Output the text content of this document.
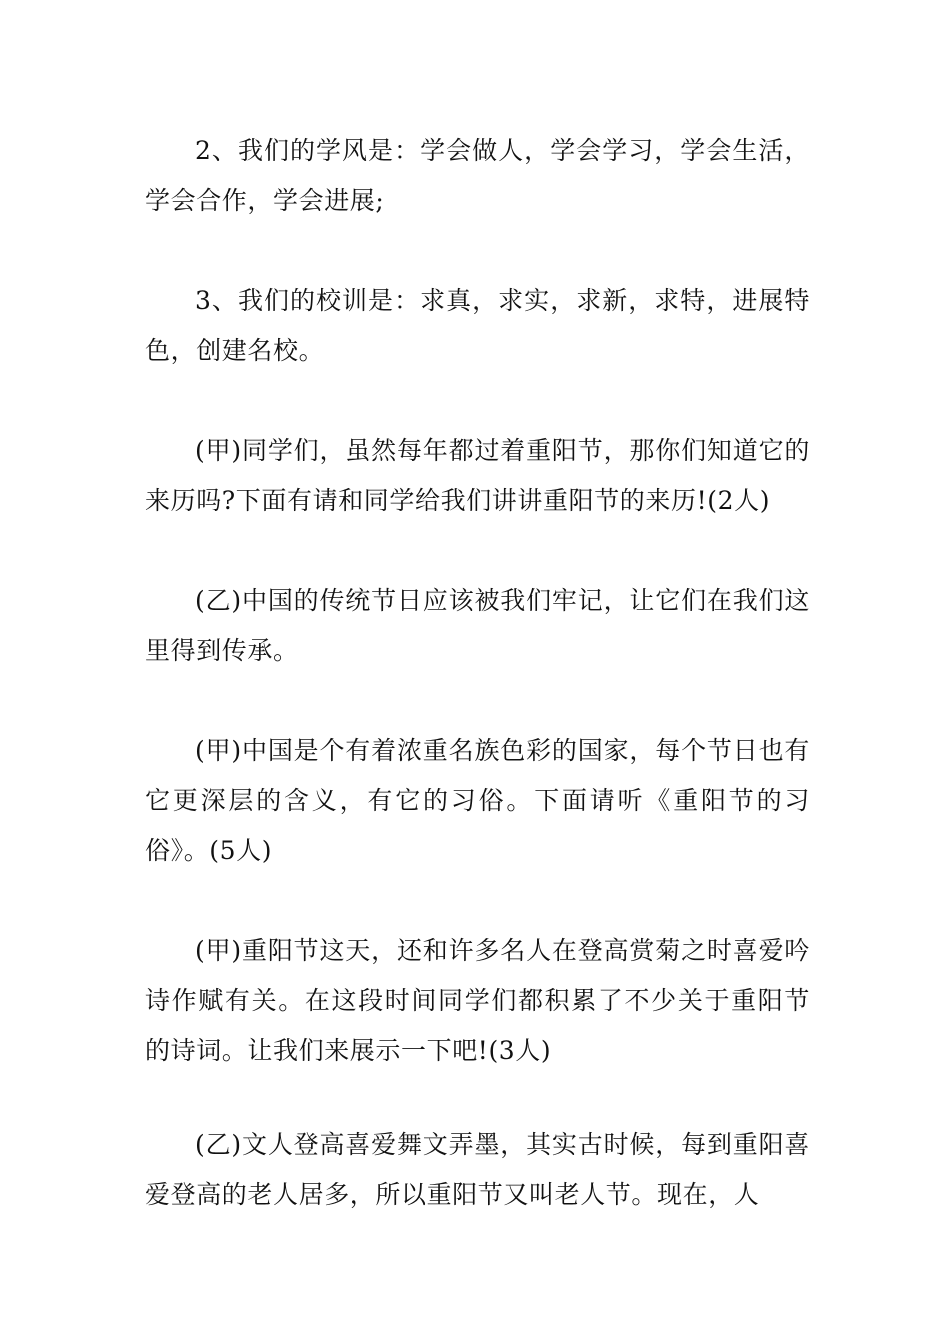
2、我们的学风是：学会做人，学会学习，学会生活，学会合作，学会进展;

3、我们的校训是：求真，求实，求新，求特，进展特色，创建名校。

(甲)同学们，虽然每年都过着重阳节，那你们知道它的来历吗?下面有请和同学给我们讲讲重阳节的来历!(2人)

(乙)中国的传统节日应该被我们牢记，让它们在我们这里得到传承。

(甲)中国是个有着浓重名族色彩的国家，每个节日也有它更深层的含义，有它的习俗。下面请听《重阳节的习俗》。(5人)

(甲)重阳节这天，还和许多名人在登高赏菊之时喜爱吟诗作赋有关。在这段时间同学们都积累了不少关于重阳节的诗词。让我们来展示一下吧!(3人)

(乙)文人登高喜爱舞文弄墨，其实古时候，每到重阳喜爱登高的老人居多，所以重阳节又叫老人节。现在，人
